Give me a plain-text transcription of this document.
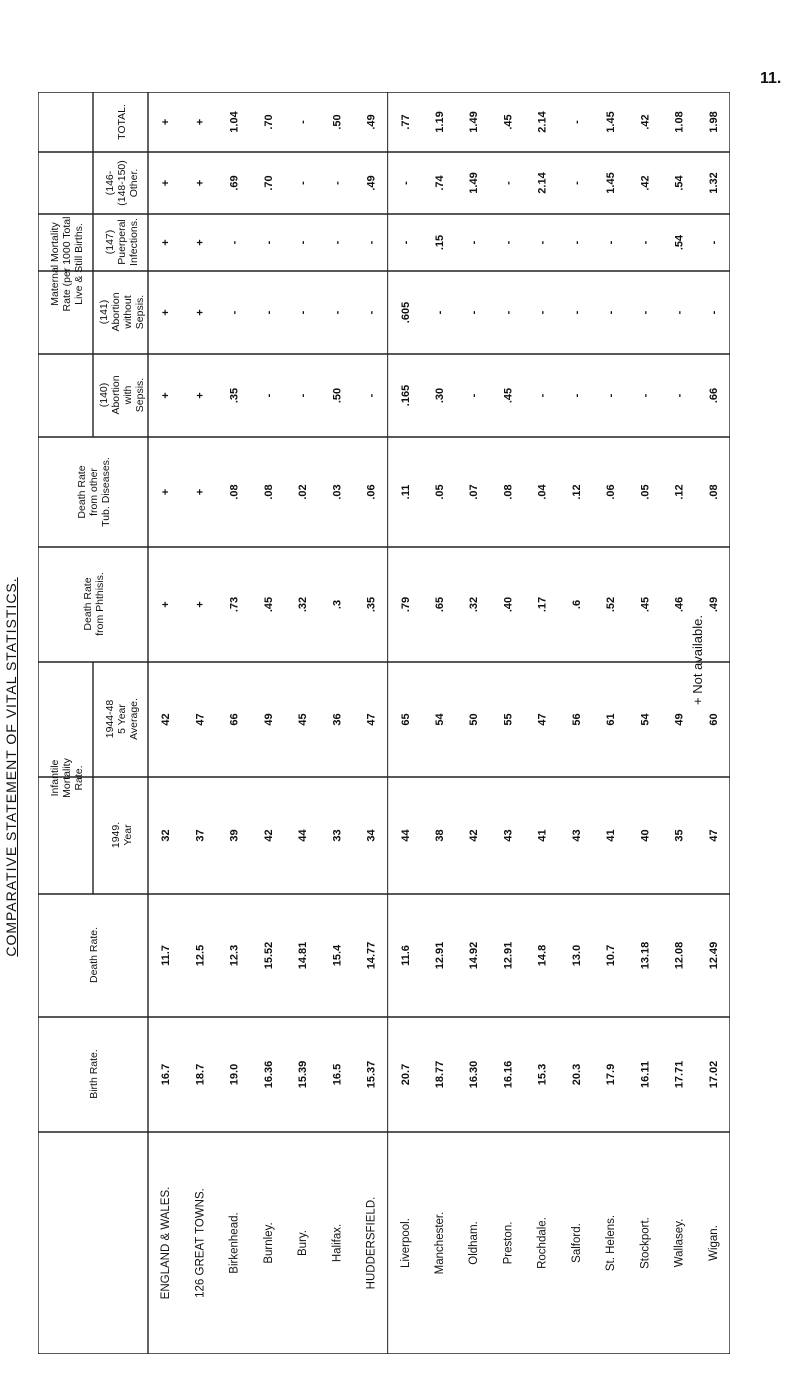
11.
COMPARATIVE STATEMENT OF VITAL STATISTICS.	+ Not available.
Birth Rate.
Death Rate.
Infantile Mortality Rate.
1949. Year
1944-48 5 Year Average.
Death Rate from Phthisis.
Death Rate from other Tub. Diseases.
Maternal Mortality Rate (per 1000 Total Live & Still Births.
(140) Abortion with Sepsis.
(141) Abortion without Sepsis.
(147) Puerperal Infections.
(146- (148-150) Other.
TOTAL.
ENGLAND & WALES.
16.7
11.7
32
42
+
+
+
+
+
+
+
126 GREAT TOWNS.
18.7
12.5
37
47
+
+
+
+
+
+
+
Birkenhead.
19.0
12.3
39
66
.73
.08
.35
-
-
.69
1.04
Burnley.
16.36
15.52
42
49
.45
.08
-
-
-
.70
.70
Bury.
15.39
14.81
44
45
.32
.02
-
-
-
-
-
Halifax.
16.5
15.4
33
36
.3
.03
.50
-
-
-
.50
HUDDERSFIELD.
15.37
14.77
34
47
.35
.06
-
-
-
.49
.49
Liverpool.
20.7
11.6
44
65
.79
.11
.165
.605
-
-
.77
Manchester.
18.77
12.91
38
54
.65
.05
.30
-
.15
.74
1.19
Oldham.
16.30
14.92
42
50
.32
.07
-
-
-
1.49
1.49
Preston.
16.16
12.91
43
55
.40
.08
.45
-
-
-
.45
Rochdale.
15.3
14.8
41
47
.17
.04
-
-
-
2.14
2.14
Salford.
20.3
13.0
43
56
.6
.12
-
-
-
-
-
St. Helens.
17.9
10.7
41
61
.52
.06
-
-
-
1.45
1.45
Stockport.
16.11
13.18
40
54
.45
.05
-
-
-
.42
.42
Wallasey.
17.71
12.08
35
49
.46
.12
-
-
.54
.54
1.08
Wigan.
17.02
12.49
47
60
.49
.08
.66
-
-
1.32
1.98
